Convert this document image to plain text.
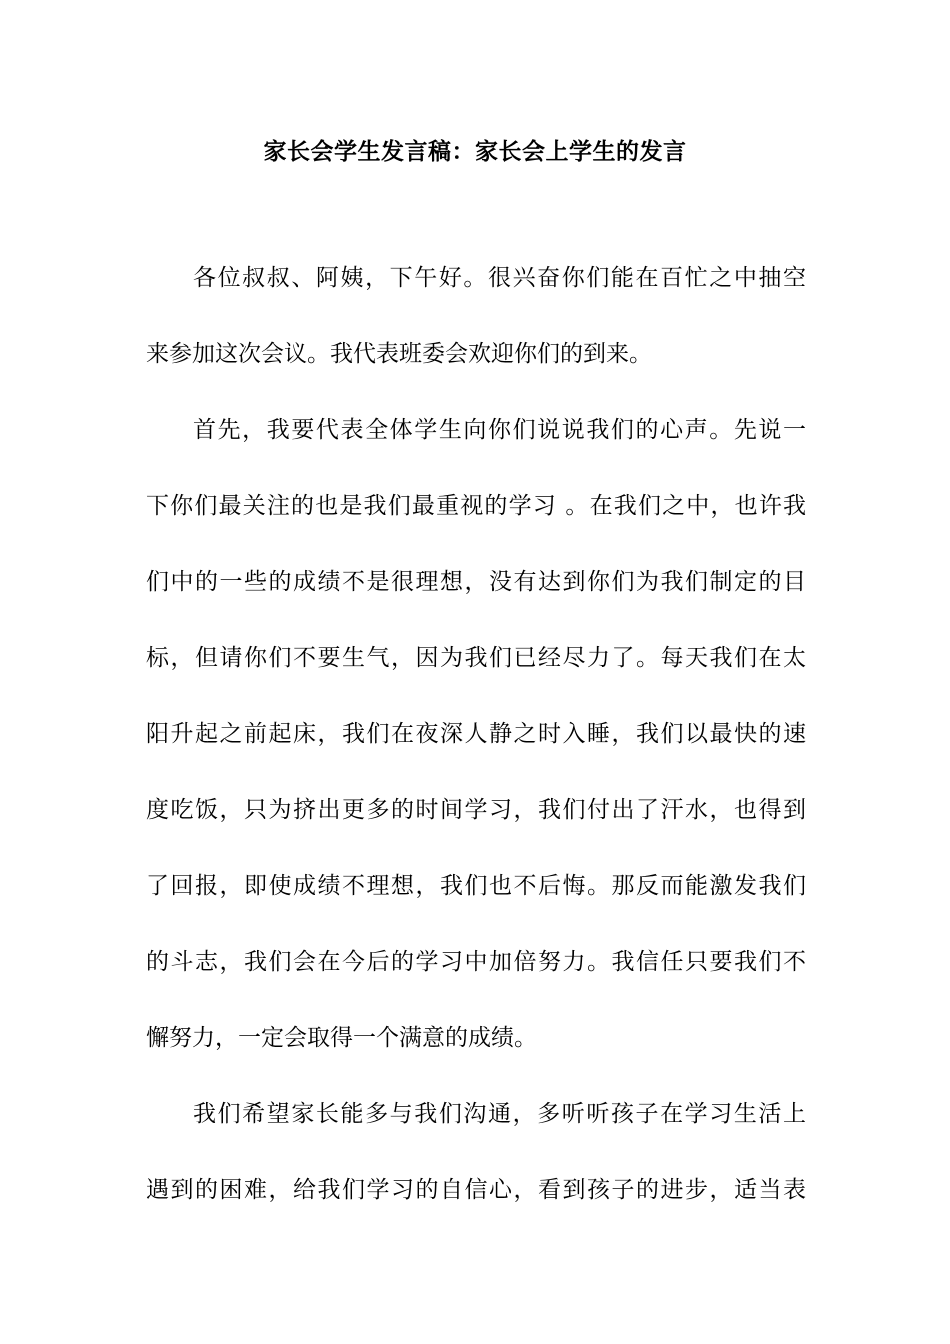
家长会学生发言稿：家长会上学生的发言
各位叔叔、阿姨，下午好。很兴奋你们能在百忙之中抽空
来参加这次会议。我代表班委会欢迎你们的到来。
首先，我要代表全体学生向你们说说我们的心声。先说一
下你们最关注的也是我们最重视的学习 。在我们之中，也许我
们中的一些的成绩不是很理想，没有达到你们为我们制定的目
标，但请你们不要生气，因为我们已经尽力了。每天我们在太
阳升起之前起床，我们在夜深人静之时入睡，我们以最快的速
度吃饭，只为挤出更多的时间学习，我们付出了汗水，也得到
了回报，即使成绩不理想，我们也不后悔。那反而能激发我们
的斗志，我们会在今后的学习中加倍努力。我信任只要我们不
懈努力，一定会取得一个满意的成绩。
我们希望家长能多与我们沟通，多听听孩子在学习生活上
遇到的困难，给我们学习的自信心，看到孩子的进步，适当表
